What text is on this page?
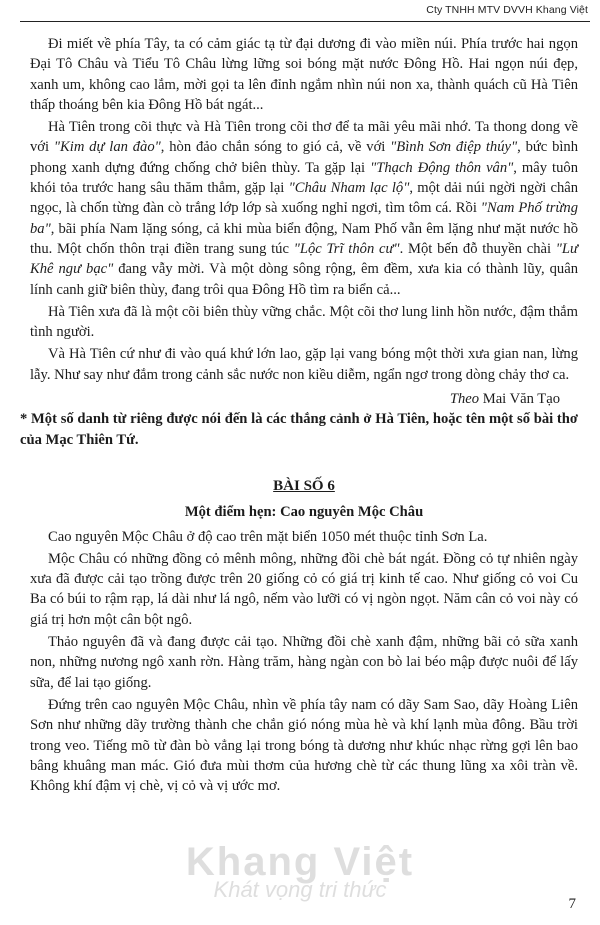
Cty TNHH MTV DVVH Khang Việt

Đi miết về phía Tây, ta có cảm giác tạ từ đại dương đi vào miền núi. Phía trước hai ngọn Đại Tô Châu và Tiểu Tô Châu lừng lững soi bóng mặt nước Đông Hồ. Hai ngọn núi đẹp, xanh um, không cao lắm, mời gọi ta lên đỉnh ngắm nhìn núi non xa, thành quách cũ Hà Tiên thấp thoáng bên kia Đông Hồ bát ngát...

Hà Tiên trong cõi thực và Hà Tiên trong cõi thơ để ta mãi yêu mãi nhớ. Ta thong dong về với "Kim dự lan đào", hòn đảo chắn sóng to gió cả, về với "Bình Sơn điệp thúy", bức bình phong xanh dựng đứng chống chở biên thùy. Ta gặp lại "Thạch Động thôn vân", mây tuôn khói tỏa trước hang sâu thăm thẳm, gặp lại "Châu Nham lạc lộ", một dải núi ngời ngời chân ngọc, là chốn từng đàn cò trắng lớp lớp sà xuống nghỉ ngơi, tìm tôm cá. Rồi "Nam Phố trừng ba", bãi phía Nam lặng sóng, cả khi mùa biển động, Nam Phố vẫn êm lặng như mặt nước hồ thu. Một chốn thôn trại điền trang sung túc "Lộc Trĩ thôn cư". Một bến đỗ thuyền chài "Lư Khê ngư bạc" đang vẫy mời. Và một dòng sông rộng, êm đềm, xưa kia có thành lũy, quân lính canh giữ biên thùy, đang trôi qua Đông Hồ tìm ra biển cả...

Hà Tiên xưa đã là một cõi biên thùy vững chắc. Một cõi thơ lung linh hồn nước, đậm thắm tình người.

Và Hà Tiên cứ như đi vào quá khứ lớn lao, gặp lại vang bóng một thời xưa gian nan, lừng lẫy. Như say như đắm trong cảnh sắc nước non kiều diễm, ngẩn ngơ trong dòng chảy thơ ca.

Theo Mai Văn Tạo

* Một số danh từ riêng được nói đến là các thắng cảnh ở Hà Tiên, hoặc tên một số bài thơ của Mạc Thiên Tứ.

BÀI SỐ 6

Một điểm hẹn: Cao nguyên Mộc Châu

Cao nguyên Mộc Châu ở độ cao trên mặt biển 1050 mét thuộc tỉnh Sơn La.

Mộc Châu có những đồng cỏ mênh mông, những đồi chè bát ngát. Đồng cỏ tự nhiên ngày xưa đã được cải tạo trồng được trên 20 giống cỏ có giá trị kinh tế cao. Như giống cỏ voi Cu Ba có búi to rậm rạp, lá dài như lá ngô, nếm vào lưỡi có vị ngòn ngọt. Năm cân cỏ voi này có giá trị hơn một cân bột ngô.

Thảo nguyên đã và đang được cải tạo. Những đồi chè xanh đậm, những bãi cỏ sữa xanh non, những nương ngô xanh rờn. Hàng trăm, hàng ngàn con bò lai béo mập được nuôi để lấy sữa, để lai tạo giống.

Đứng trên cao nguyên Mộc Châu, nhìn về phía tây nam có dãy Sam Sao, dãy Hoàng Liên Sơn như những dãy trường thành che chắn gió nóng mùa hè và khí lạnh mùa đông. Bầu trời trong veo. Tiếng mõ từ đàn bò vẳng lại trong bóng tà dương như khúc nhạc rừng gợi lên bao bâng khuâng man mác. Gió đưa mùi thơm của hương chè từ các thung lũng xa xôi tràn về. Không khí đậm vị chè, vị cỏ và vị ước mơ.

Khang Việt
Khát vọng tri thức
7
